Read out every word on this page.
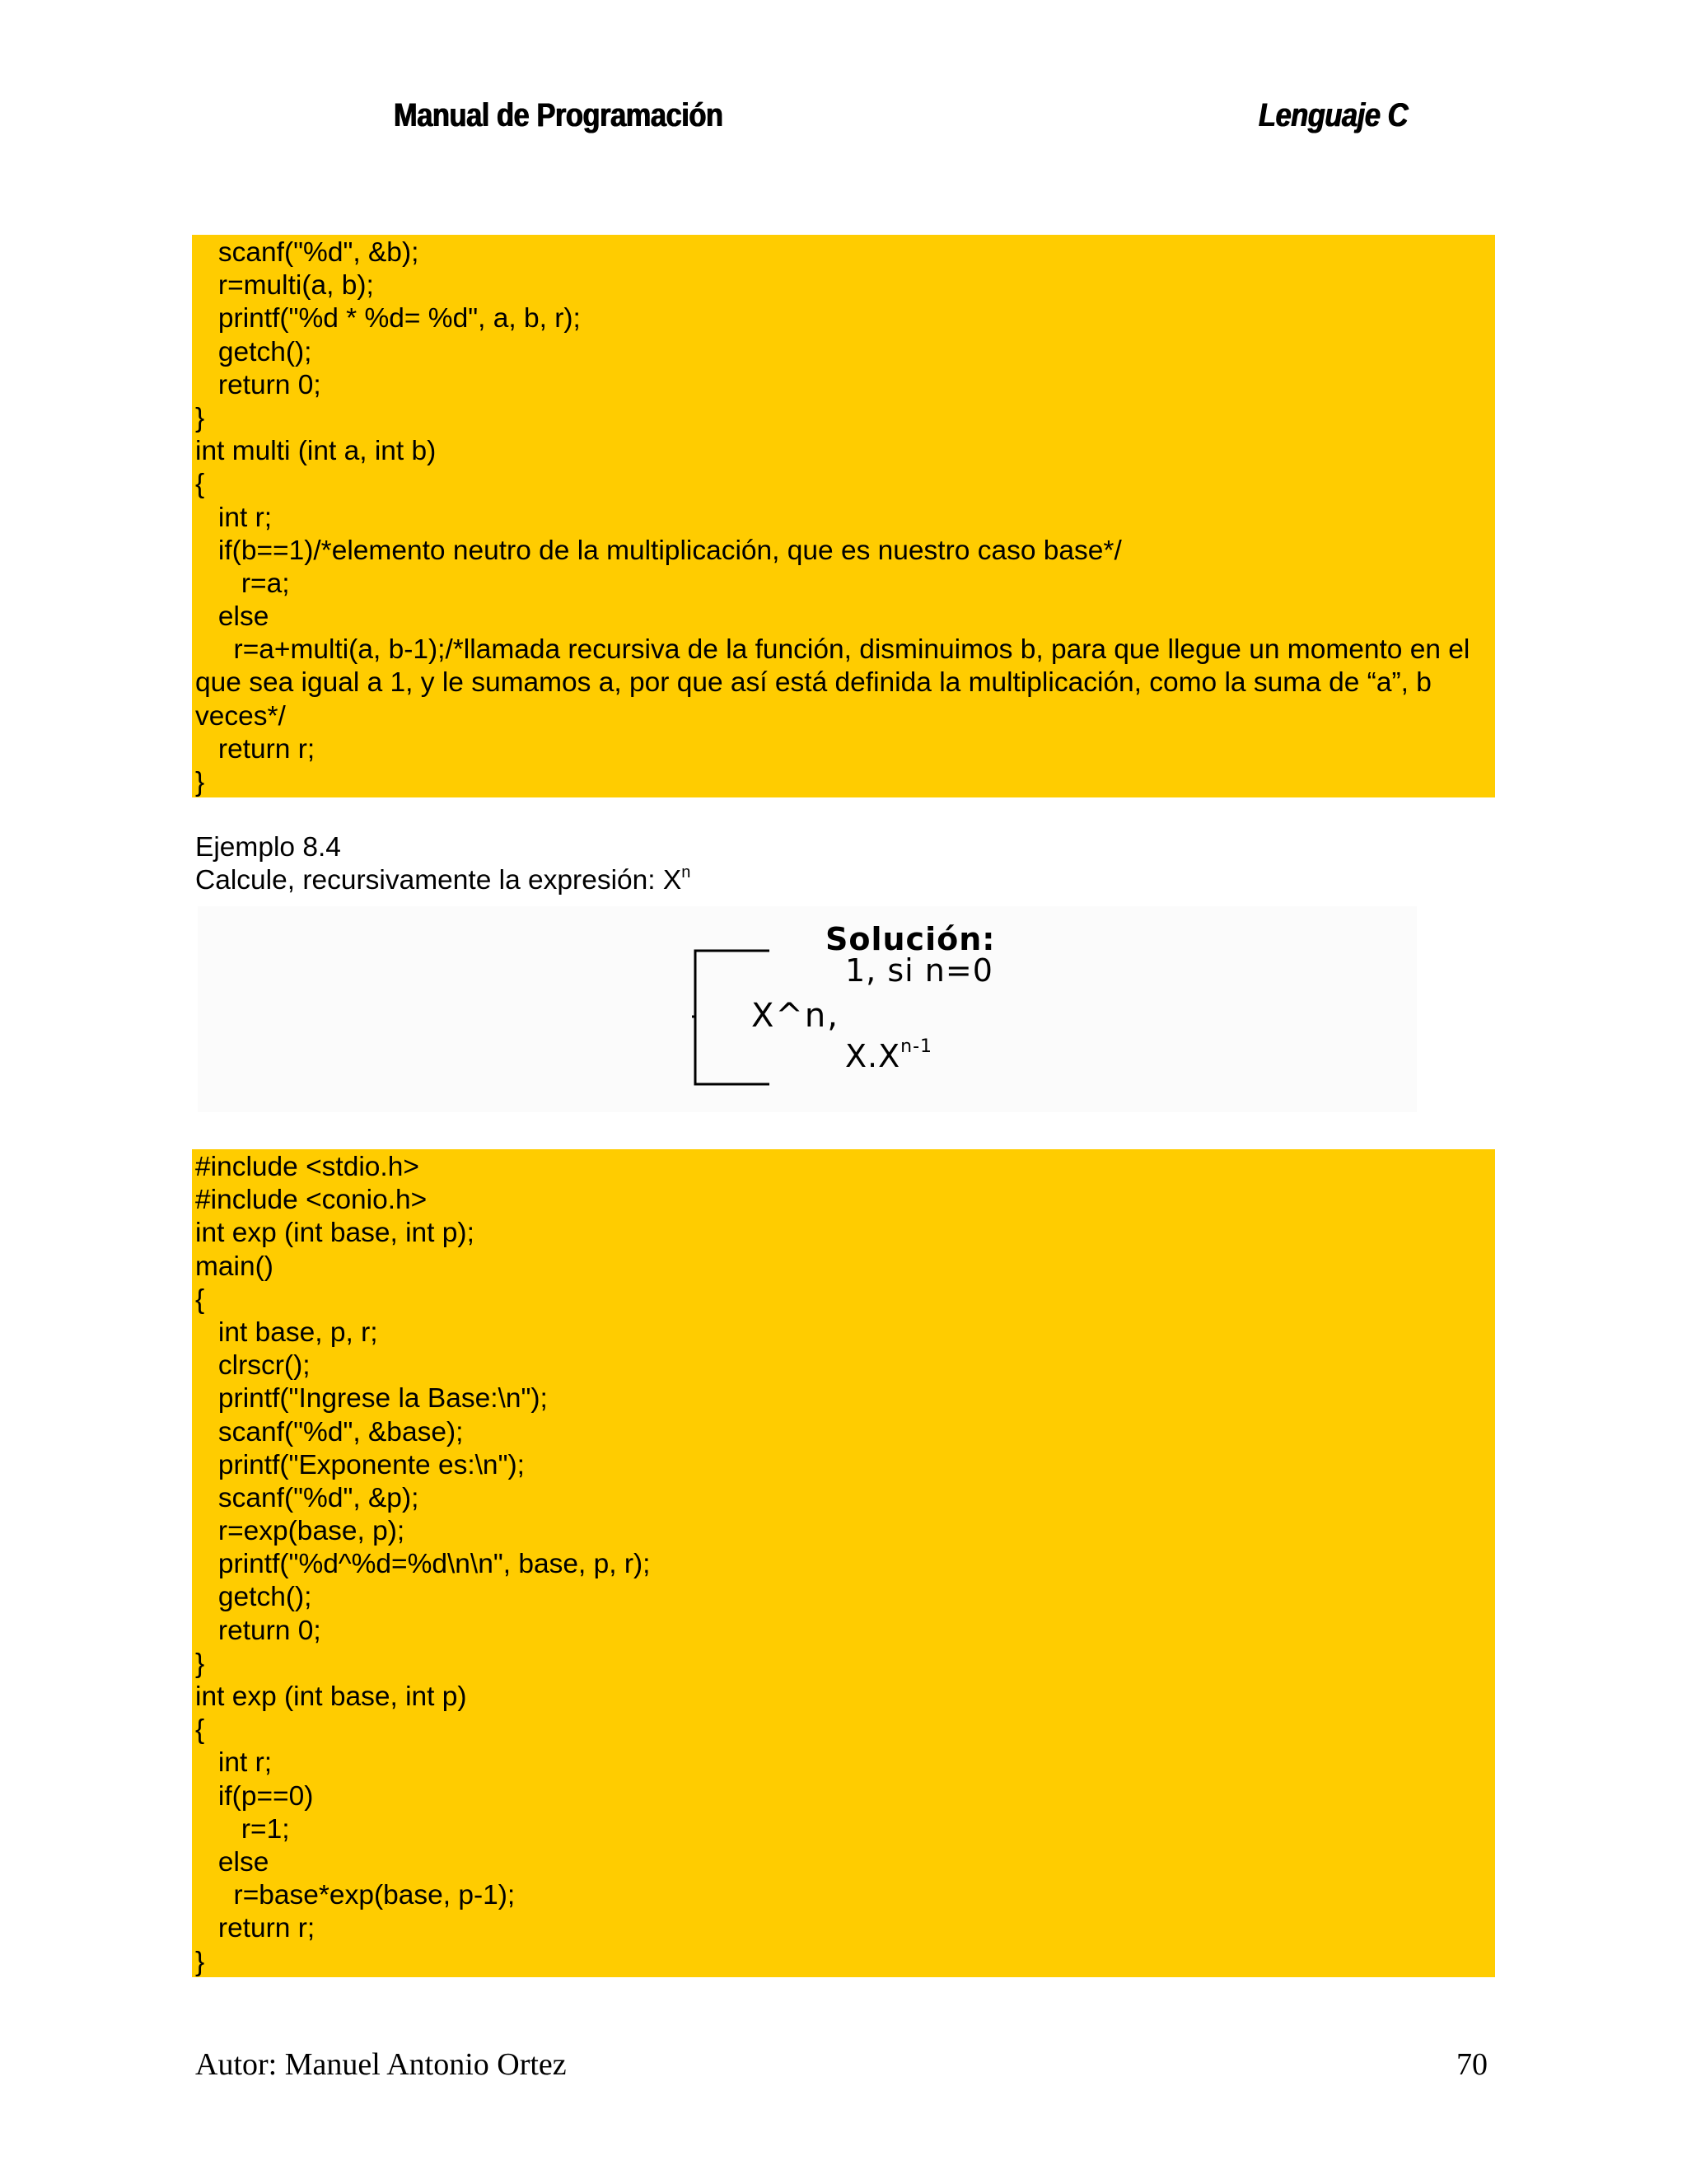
Manual de Programación	Lenguaje C
scanf("%d", &b);
r=multi(a, b);
printf("%d * %d= %d", a, b, r);
getch();
return 0;
}
int multi (int a, int b)
{
int r;
if(b==1)/*elemento neutro de la multiplicación, que es nuestro caso base*/
r=a;
else
r=a+multi(a, b-1);/*llamada recursiva de la función, disminuimos b, para que llegue un momento en el
que sea igual a 1, y le sumamos a, por que así está definida la multiplicación, como la suma de “a”, b
veces*/
return r;
}
Ejemplo 8.4
Calcule, recursivamente la expresión: $X^n$
Solución:
1, si n=0
X^n,
$X.X^{n-1}$
#include <stdio.h>
#include <conio.h>
int exp (int base, int p);
main()
{
int base, p, r;
clrscr();
printf("Ingrese la Base:\n");
scanf("%d", &base);
printf("Exponente es:\n");
scanf("%d", &p);
r=exp(base, p);
printf("%d^%d=%d\n\n", base, p, r);
getch();
return 0;
}
int exp (int base, int p)
{
int r;
if(p==0)
r=1;
else
r=base*exp(base, p-1);
return r;
}
Autor: Manuel Antonio Ortez	70
